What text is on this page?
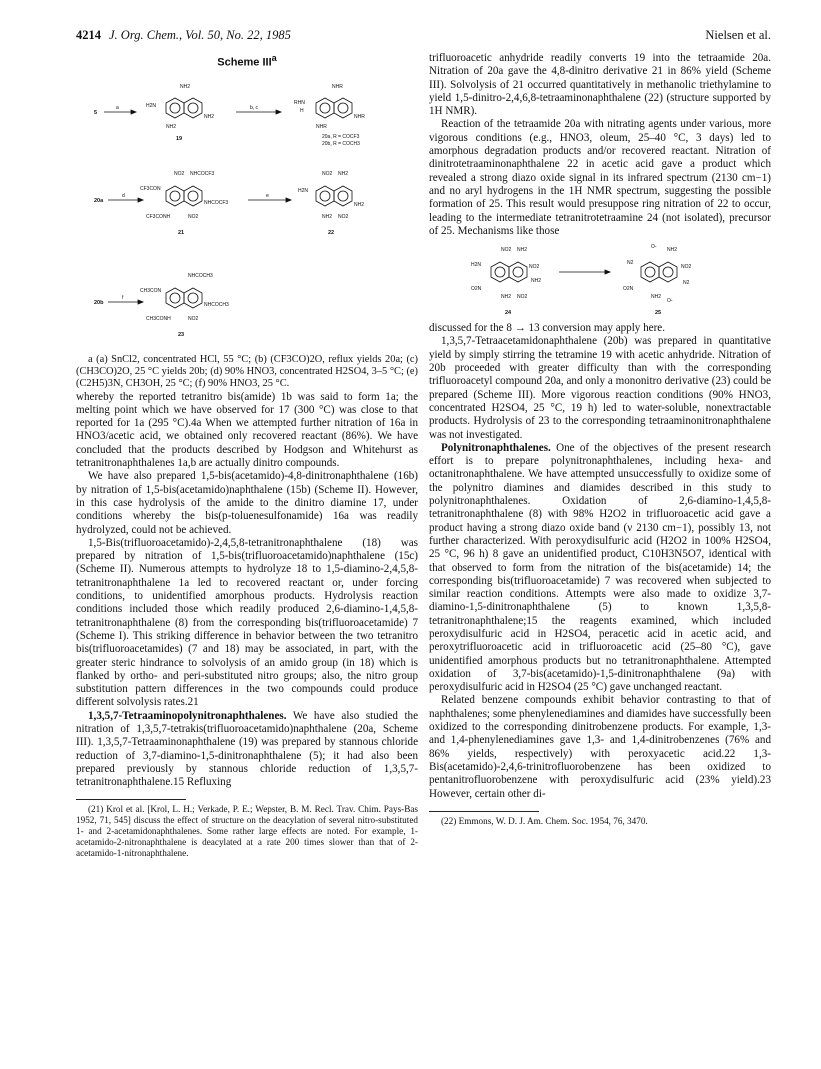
4214 J. Org. Chem., Vol. 50, No. 22, 1985	Nielsen et al.
Scheme III$^a$
5
a
NH2
H2N
NH2
NH2
19
b, c
NHR
RHN
H
NHR
NHR
20a, R = COCF3
20b, R = COCH3
20a
d
NO2 NHCOCF3
CF3CON
NHCOCF3
CF3CONH	NO2
21
e
NO2 NH2
H2N
NH2
NH2 NO2
22
20b
f
NHCOCH3
CH3CON
NHCOCH3
CH3CONH	NO2
23

a (a) SnCl2, concentrated HCl, 55 °C; (b) (CF3CO)2O, reflux yields 20a; (c) (CH3CO)2O, 25 °C yields 20b; (d) 90% HNO3, concentrated H2SO4, 3–5 °C; (e) (C2H5)3N, CH3OH, 25 °C; (f) 90% HNO3, 25 °C.

whereby the reported tetranitro bis(amide) 1b was said to form 1a; the melting point which we have observed for 17 (300 °C) was close to that reported for 1a (295 °C).4a When we attempted further nitration of 16a in HNO3/acetic acid, we obtained only recovered reactant (86%). We have concluded that the products described by Hodgson and Whitehurst as tetranitronaphthalenes 1a,b are actually dinitro compounds.

We have also prepared 1,5-bis(acetamido)-4,8-dinitronaphthalene (16b) by nitration of 1,5-bis(acetamido)naphthalene (15b) (Scheme II). However, in this case hydrolysis of the amide to the dinitro diamine 17, under conditions whereby the bis(p-toluenesulfonamide) 16a was readily hydrolyzed, could not be achieved.

1,5-Bis(trifluoroacetamido)-2,4,5,8-tetranitronaphthalene (18) was prepared by nitration of 1,5-bis(trifluoroacetamido)naphthalene (15c) (Scheme II). Numerous attempts to hydrolyze 18 to 1,5-diamino-2,4,5,8-tetranitronaphthalene 1a led to recovered reactant or, under forcing conditions, to unidentified amorphous products. Hydrolysis reaction conditions included those which readily produced 2,6-diamino-1,4,5,8-tetranitronaphthalene (8) from the corresponding bis(trifluoroacetamide) 7 (Scheme I). This striking difference in behavior between the two tetranitro bis(trifluoroacetamides) (7 and 18) may be associated, in part, with the greater steric hindrance to solvolysis of an amido group (in 18) which is flanked by ortho- and peri-substituted nitro groups; also, the nitro group substitution pattern differences in the two compounds could produce different solvolysis rates.21

1,3,5,7-Tetraaminopolynitronaphthalenes. We have also studied the nitration of 1,3,5,7-tetrakis(trifluoroacetamido)naphthalene (20a, Scheme III). 1,3,5,7-Tetraaminonaphthalene (19) was prepared by stannous chloride reduction of 3,7-diamino-1,5-dinitronaphthalene (5); it had also been prepared previously by stannous chloride reduction of 1,3,5,7-tetranitronaphthalene.15 Refluxing

(21) Krol et al. [Krol, L. H.; Verkade, P. E.; Wepster, B. M. Recl. Trav. Chim. Pays-Bas 1952, 71, 545] discuss the effect of structure on the deacylation of several nitro-substituted 1- and 2-acetamidonaphthalenes. Some rather large effects are noted. For example, 1-acetamido-2-nitronaphthalene is deacylated at a rate 200 times slower than that of 2-acetamido-1-nitronaphthalene.

trifluoroacetic anhydride readily converts 19 into the tetraamide 20a. Nitration of 20a gave the 4,8-dinitro derivative 21 in 86% yield (Scheme III). Solvolysis of 21 occurred quantitatively in methanolic triethylamine to yield 1,5-dinitro-2,4,6,8-tetraaminonaphthalene (22) (structure supported by 1H NMR).

Reaction of the tetraamide 20a with nitrating agents under various, more vigorous conditions (e.g., HNO3, oleum, 25–40 °C, 3 days) led to amorphous degradation products and/or recovered reactant. Nitration of dinitrotetraaminonaphthalene 22 in acetic acid gave a product which revealed a strong diazo oxide signal in its infrared spectrum (2130 cm−1) and no aryl hydrogens in the 1H NMR spectrum, suggesting the possible formation of 25. This result would presuppose ring nitration of 22 to occur, leading to the intermediate tetranitrotetraamine 24 (not isolated), precursor of 25. Mechanisms like those

NO2 NH2
H2N	NO2
O2N
NH2
NH2 NO2
24
O- NH2
N2
NO2
O2N
N2
NH2
O-
25

discussed for the 8 → 13 conversion may apply here.

1,3,5,7-Tetraacetamidonaphthalene (20b) was prepared in quantitative yield by simply stirring the tetramine 19 with acetic anhydride. Nitration of 20b proceeded with greater difficulty than with the corresponding trifluoroacetyl compound 20a, and only a mononitro derivative (23) could be prepared (Scheme III). More vigorous reaction conditions (90% HNO3, concentrated H2SO4, 25 °C, 19 h) led to water-soluble, nonextractable products. Hydrolysis of 23 to the corresponding tetraaminonitronaphthalene was not investigated.

Polynitronaphthalenes. One of the objectives of the present research effort is to prepare polynitronaphthalenes, including hexa- and octanitronaphthalene. We have attempted unsuccessfully to oxidize some of the polynitro diamines and diamides described in this study to polynitronaphthalenes. Oxidation of 2,6-diamino-1,4,5,8-tetranitronaphthalene (8) with 98% H2O2 in trifluoroacetic acid gave a product having a strong diazo oxide band (ν 2130 cm−1), possibly 13, not further characterized. With peroxydisulfuric acid (H2O2 in 100% H2SO4, 25 °C, 96 h) 8 gave an unidentified product, C10H3N5O7, identical with that observed to form from the nitration of the bis(acetamide) 14; the corresponding bis(trifluoroacetamide) 7 was recovered when subjected to similar reaction conditions. Attempts were also made to oxidize 3,7-diamino-1,5-dinitronaphthalene (5) to known 1,3,5,8-tetranitronaphthalene;15 the reagents examined, which included peroxydisulfuric acid in H2SO4, peracetic acid in acetic acid, and peroxytrifluoroacetic acid in trifluoroacetic acid (25–80 °C), gave unidentified amorphous products but no tetranitronaphthalene. Attempted oxidation of 3,7-bis(acetamido)-1,5-dinitronaphthalene (9a) with peroxydisulfuric acid in H2SO4 (25 °C) gave unchanged reactant.

Related benzene compounds exhibit behavior contrasting to that of naphthalenes; some phenylenediamines and diamides have successfully been oxidized to the corresponding dinitrobenzene products. For example, 1,3- and 1,4-phenylenediamines gave 1,3- and 1,4-dinitrobenzenes (76% and 86% yields, respectively) with peroxyacetic acid.22 1,3-Bis(acetamido)-2,4,6-trinitrofluorobenzene has been oxidized to pentanitrofluorobenzene with peroxydisulfuric acid (23% yield).23 However, certain other di-

(22) Emmons, W. D. J. Am. Chem. Soc. 1954, 76, 3470.
